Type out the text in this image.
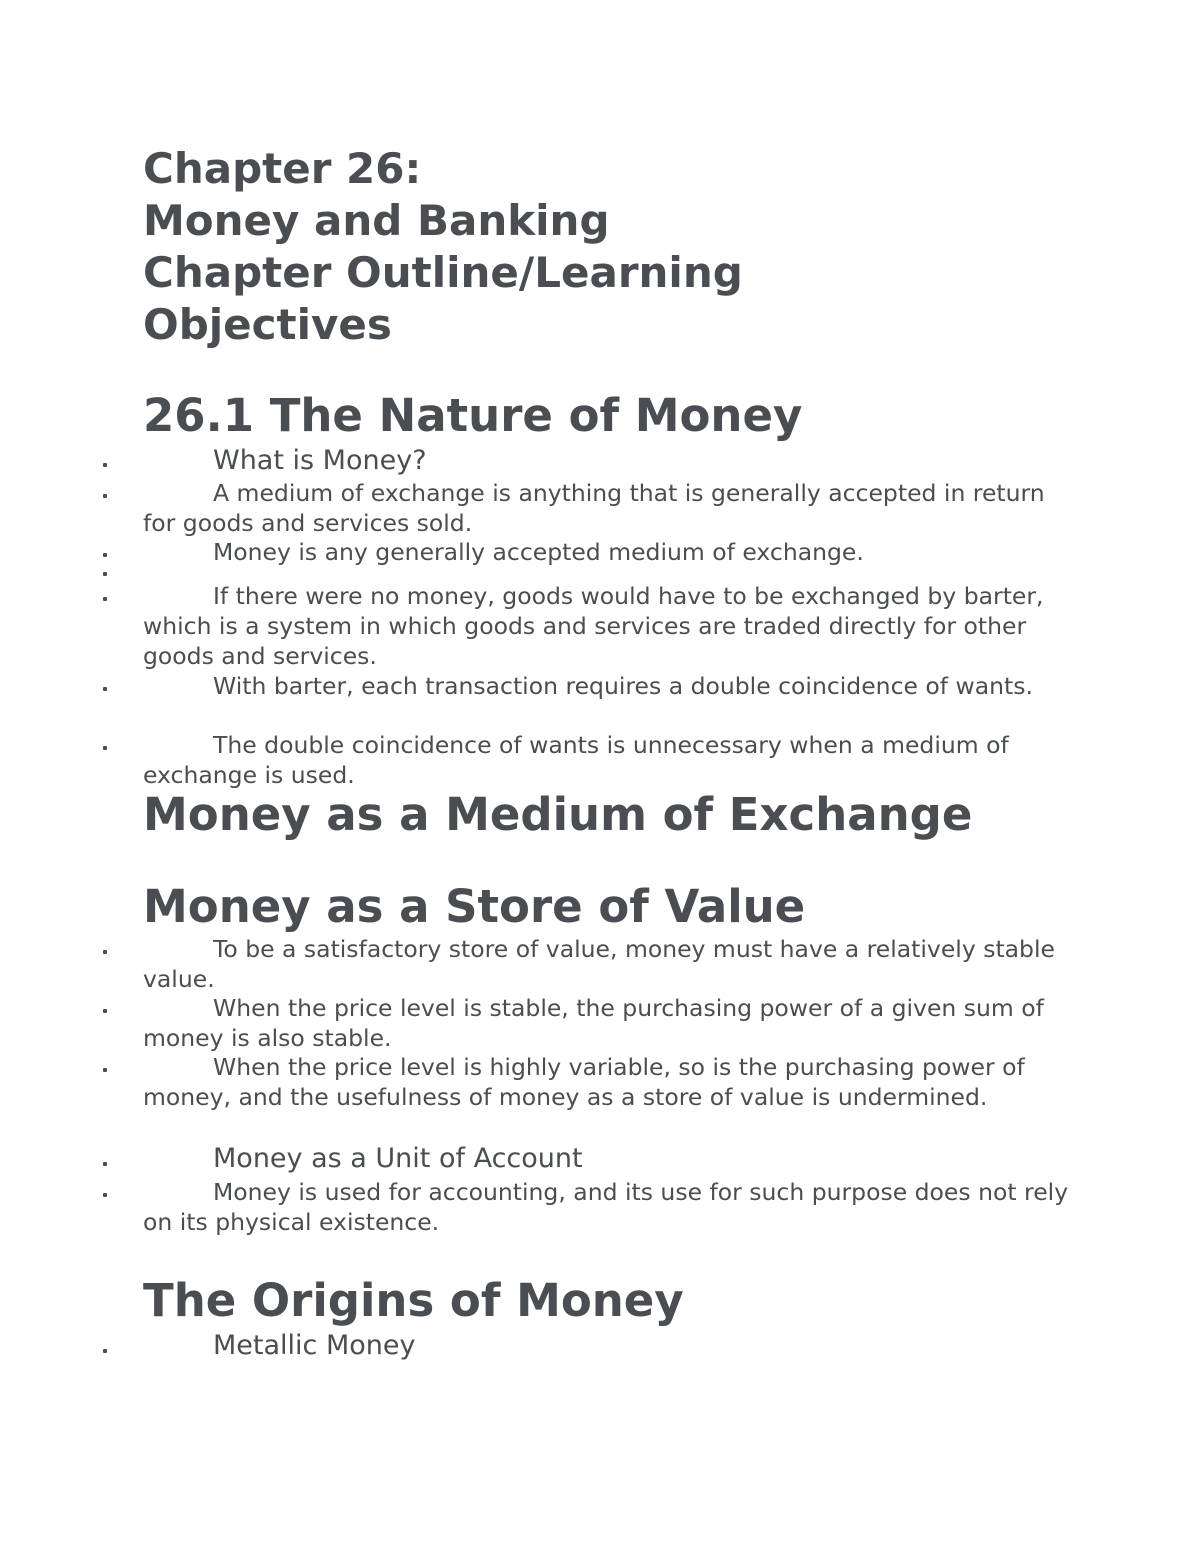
Chapter 26:
Money and Banking
Chapter Outline/Learning
Objectives
26.1 The Nature of Money

What is Money?

A medium of exchange is anything that is generally accepted in return for goods and services sold.

Money is any generally accepted medium of exchange.

If there were no money, goods would have to be exchanged by barter, which is a system in which goods and services are traded directly for other goods and services.

With barter, each transaction requires a double coincidence of wants.

The double coincidence of wants is unnecessary when a medium of exchange is used.

Money as a Medium of Exchange
Money as a Store of Value

To be a satisfactory store of value, money must have a relatively stable value.

When the price level is stable, the purchasing power of a given sum of money is also stable.

When the price level is highly variable, so is the purchasing power of money, and the usefulness of money as a store of value is undermined.

Money as a Unit of Account

Money is used for accounting, and its use for such purpose does not rely on its physical existence.

The Origins of Money

Metallic Money
